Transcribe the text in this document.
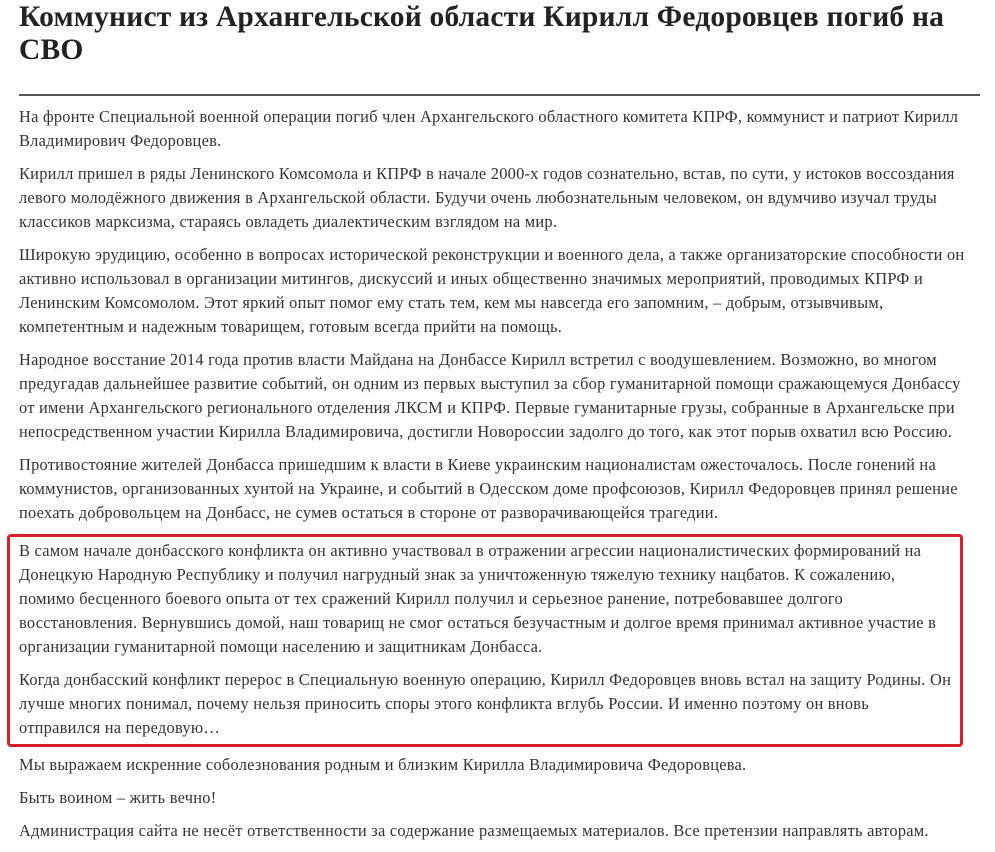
Коммунист из Архангельской области Кирилл Федоровцев погиб на СВО

На фронте Специальной военной операции погиб член Архангельского областного комитета КПРФ, коммунист и патриот Кирилл Владимирович Федоровцев.

Кирилл пришел в ряды Ленинского Комсомола и КПРФ в начале 2000-х годов сознательно, встав, по сути, у истоков воссоздания левого молодёжного движения в Архангельской области. Будучи очень любознательным человеком, он вдумчиво изучал труды классиков марксизма, стараясь овладеть диалектическим взглядом на мир.

Широкую эрудицию, особенно в вопросах исторической реконструкции и военного дела, а также организаторские способности он активно использовал в организации митингов, дискуссий и иных общественно значимых мероприятий, проводимых КПРФ и Ленинским Комсомолом. Этот яркий опыт помог ему стать тем, кем мы навсегда его запомним, – добрым, отзывчивым, компетентным и надежным товарищем, готовым всегда прийти на помощь.

Народное восстание 2014 года против власти Майдана на Донбассе Кирилл встретил с воодушевлением. Возможно, во многом предугадав дальнейшее развитие событий, он одним из первых выступил за сбор гуманитарной помощи сражающемуся Донбассу от имени Архангельского регионального отделения ЛКСМ и КПРФ. Первые гуманитарные грузы, собранные в Архангельске при непосредственном участии Кирилла Владимировича, достигли Новороссии задолго до того, как этот порыв охватил всю Россию.

Противостояние жителей Донбасса пришедшим к власти в Киеве украинским националистам ожесточалось. После гонений на коммунистов, организованных хунтой на Украине, и событий в Одесском доме профсоюзов, Кирилл Федоровцев принял решение поехать добровольцем на Донбасс, не сумев остаться в стороне от разворачивающейся трагедии.

В самом начале донбасского конфликта он активно участвовал в отражении агрессии националистических формирований на Донецкую Народную Республику и получил нагрудный знак за уничтоженную тяжелую технику нацбатов. К сожалению, помимо бесценного боевого опыта от тех сражений Кирилл получил и серьезное ранение, потребовавшее долгого восстановления. Вернувшись домой, наш товарищ не смог остаться безучастным и долгое время принимал активное участие в организации гуманитарной помощи населению и защитникам Донбасса.

Когда донбасский конфликт перерос в Специальную военную операцию, Кирилл Федоровцев вновь встал на защиту Родины. Он лучше многих понимал, почему нельзя приносить споры этого конфликта вглубь России. И именно поэтому он вновь отправился на передовую…

Мы выражаем искренние соболезнования родным и близким Кирилла Владимировича Федоровцева.

Быть воином – жить вечно!

Администрация сайта не несёт ответственности за содержание размещаемых материалов. Все претензии направлять авторам.
